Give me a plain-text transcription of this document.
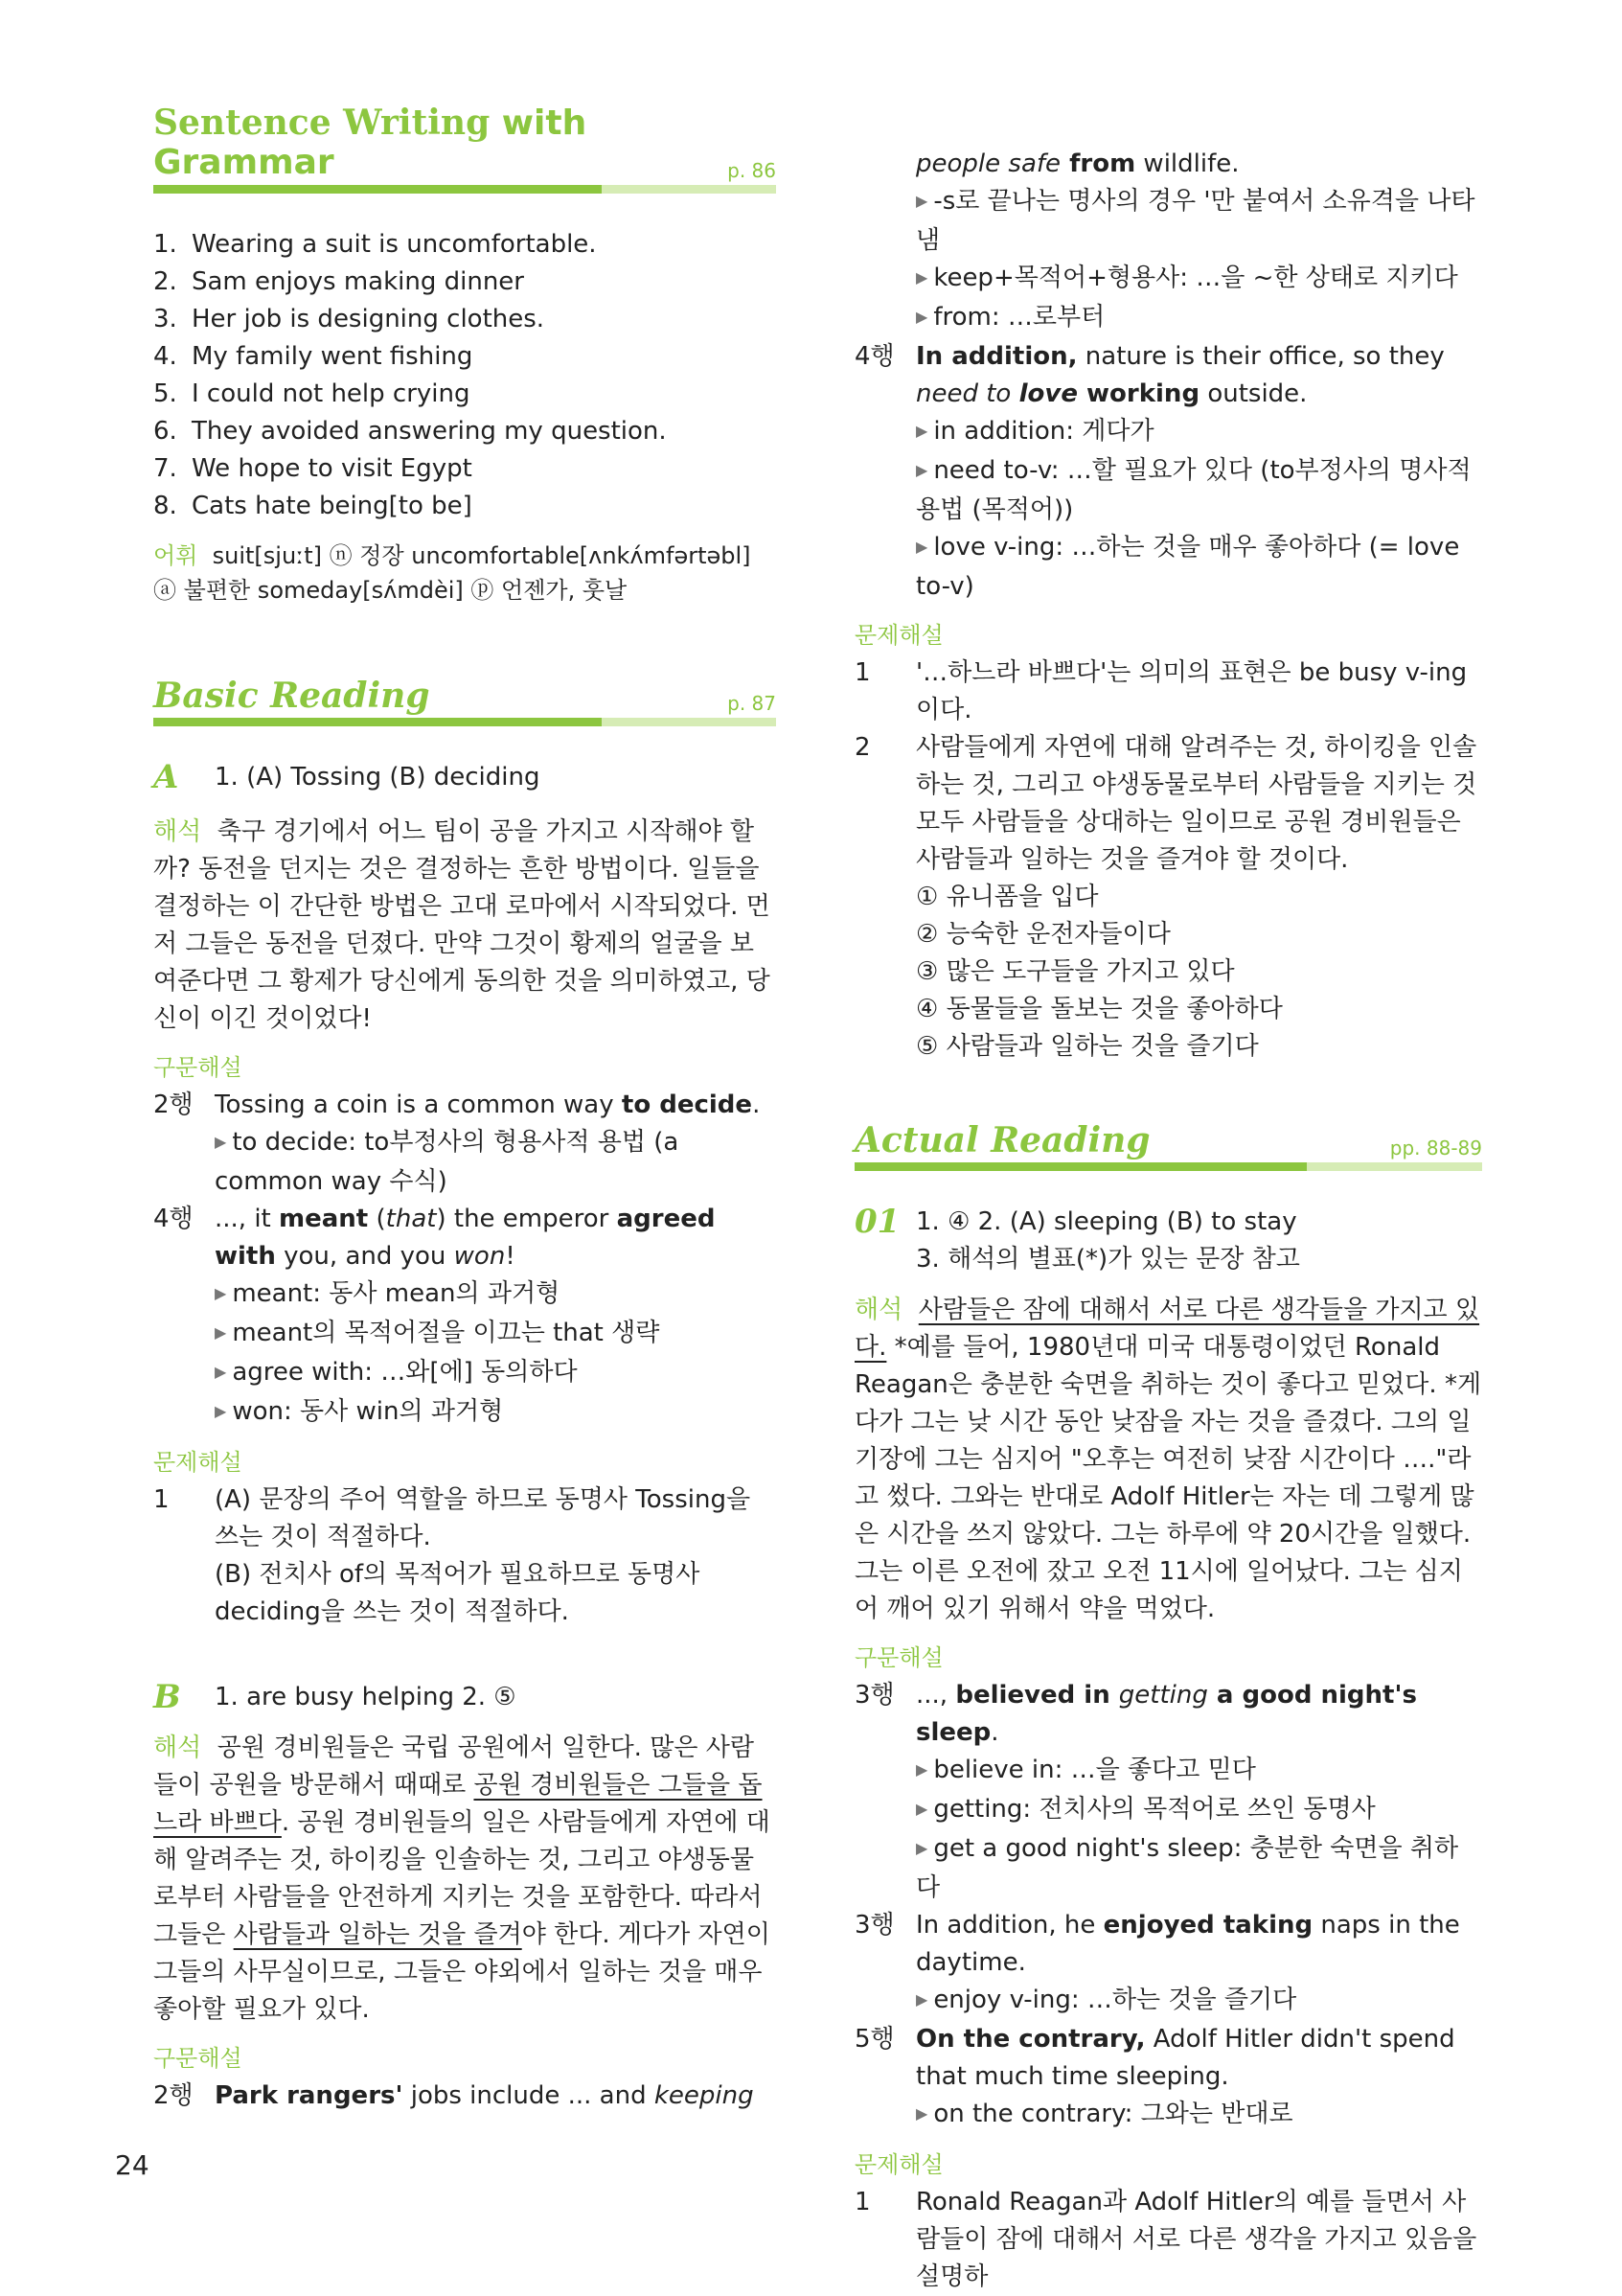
Sentence Writing with Grammar	p. 86
1. Wearing a suit is uncomfortable.
2. Sam enjoys making dinner
3. Her job is designing clothes.
4. My family went fishing
5. I could not help crying
6. They avoided answering my question.
7. We hope to visit Egypt
8. Cats hate being[to be]
어휘 suit[sjuːt] ⓝ 정장 uncomfortable[ʌnkʌ́mfərtəbl]
ⓐ 불편한 someday[sʌ́mdèi] ⓟ 언젠가, 훗날
Basic Reading	p. 87
A	1. (A) Tossing (B) deciding
해석 축구 경기에서 어느 팀이 공을 가지고 시작해야 할까? 동전을 던지는 것은 결정하는 흔한 방법이다. 일들을 결정하는 이 간단한 방법은 고대 로마에서 시작되었다. 먼저 그들은 동전을 던졌다. 만약 그것이 황제의 얼굴을 보여준다면 그 황제가 당신에게 동의한 것을 의미하였고, 당신이 이긴 것이었다!
구문해설
2행 Tossing a coin is a common way to decide.
▶ to decide: to부정사의 형용사적 용법 (a common way 수식)
4행 ..., it meant (that) the emperor agreed with you, and you won!
▶ meant: 동사 mean의 과거형
▶ meant의 목적어절을 이끄는 that 생략
▶ agree with: …와[에] 동의하다
▶ won: 동사 win의 과거형
문제해설
1	(A) 문장의 주어 역할을 하므로 동명사 Tossing을 쓰는 것이 적절하다.
(B) 전치사 of의 목적어가 필요하므로 동명사 deciding을 쓰는 것이 적절하다.
B	1. are busy helping 2. ⑤
해석 공원 경비원들은 국립 공원에서 일한다. 많은 사람들이 공원을 방문해서 때때로 공원 경비원들은 그들을 돕느라 바쁘다. 공원 경비원들의 일은 사람들에게 자연에 대해 알려주는 것, 하이킹을 인솔하는 것, 그리고 야생동물로부터 사람들을 안전하게 지키는 것을 포함한다. 따라서 그들은 사람들과 일하는 것을 즐겨야 한다. 게다가 자연이 그들의 사무실이므로, 그들은 야외에서 일하는 것을 매우 좋아할 필요가 있다.
구문해설
2행 Park rangers' jobs include ... and keeping
people safe from wildlife.
▶ -s로 끝나는 명사의 경우 '만 붙여서 소유격을 나타냄
▶ keep+목적어+형용사: …을 ~한 상태로 지키다
▶ from: …로부터
4행 In addition, nature is their office, so they need to love working outside.
▶ in addition: 게다가
▶ need to-v: …할 필요가 있다 (to부정사의 명사적 용법 (목적어))
▶ love v-ing: …하는 것을 매우 좋아하다 (= love to-v)
문제해설
1	'…하느라 바쁘다'는 의미의 표현은 be busy v-ing이다.
2	사람들에게 자연에 대해 알려주는 것, 하이킹을 인솔하는 것, 그리고 야생동물로부터 사람들을 지키는 것 모두 사람들을 상대하는 일이므로 공원 경비원들은 사람들과 일하는 것을 즐겨야 할 것이다.
① 유니폼을 입다
② 능숙한 운전자들이다
③ 많은 도구들을 가지고 있다
④ 동물들을 돌보는 것을 좋아하다
⑤ 사람들과 일하는 것을 즐기다
Actual Reading	pp. 88-89
01 1. ④ 2. (A) sleeping (B) to stay
3. 해석의 별표(*)가 있는 문장 참고
해석 사람들은 잠에 대해서 서로 다른 생각들을 가지고 있다. *예를 들어, 1980년대 미국 대통령이었던 Ronald Reagan은 충분한 숙면을 취하는 것이 좋다고 믿었다. *게다가 그는 낮 시간 동안 낮잠을 자는 것을 즐겼다. 그의 일기장에 그는 심지어 "오후는 여전히 낮잠 시간이다 …."라고 썼다. 그와는 반대로 Adolf Hitler는 자는 데 그렇게 많은 시간을 쓰지 않았다. 그는 하루에 약 20시간을 일했다. 그는 이른 오전에 잤고 오전 11시에 일어났다. 그는 심지어 깨어 있기 위해서 약을 먹었다.
구문해설
3행 ..., believed in getting a good night's sleep.
▶ believe in: …을 좋다고 믿다
▶ getting: 전치사의 목적어로 쓰인 동명사
▶ get a good night's sleep: 충분한 숙면을 취하다
3행 In addition, he enjoyed taking naps in the daytime.
▶ enjoy v-ing: …하는 것을 즐기다
5행 On the contrary, Adolf Hitler didn't spend that much time sleeping.
▶ on the contrary: 그와는 반대로
문제해설
1	Ronald Reagan과 Adolf Hitler의 예를 들면서 사람들이 잠에 대해서 서로 다른 생각을 가지고 있음을 설명하
24
